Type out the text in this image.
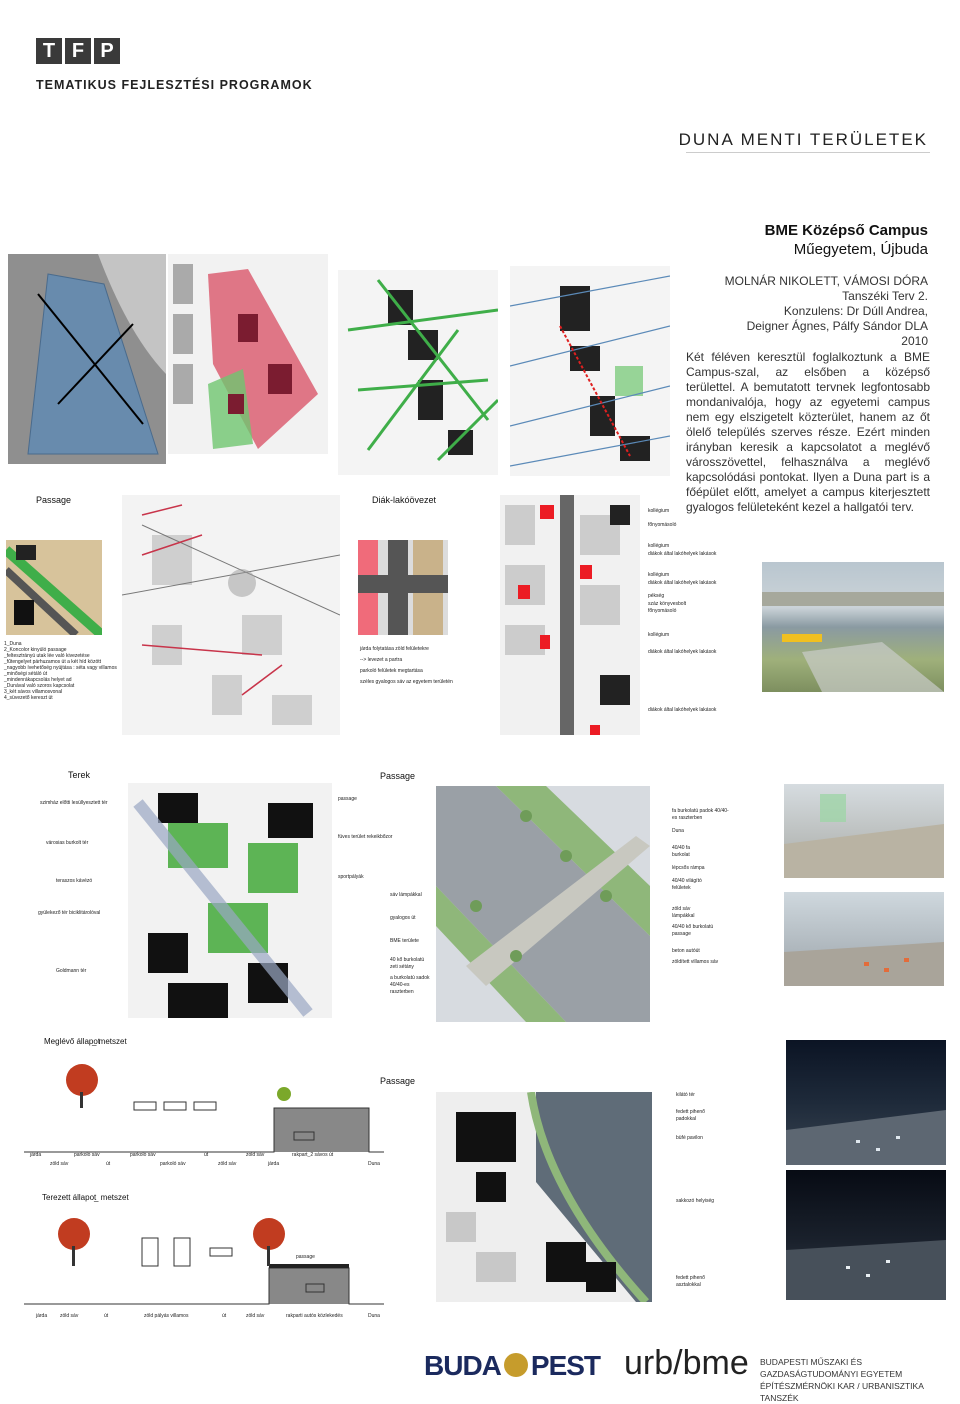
T F P
TEMATIKUS FEJLESZTÉSI PROGRAMOK
DUNA MENTI TERÜLETEK
BME Középső Campus
Műegyetem, Újbuda
MOLNÁR NIKOLETT, VÁMOSI DÓRA
Tanszéki Terv 2.
Konzulens: Dr Dúll Andrea,
Deigner Ágnes, Pálfy Sándor DLA
2010
Két féléven keresztül foglalkoztunk a BME Campus-szal, az elsőben a középső területtel. A bemutatott tervnek legfontosabb mondanivalója, hogy az egyetemi campus nem egy elszigetelt közterület, hanem az őt ölelő település szerves része. Ezért minden irányban keresik a kapcsolatot a meglévő városszövettel, felhasználva a meglévő kapcsolódási pontokat. Ilyen a Duna part is a főépület előtt, amelyet a campus kiterjesztett gyalogos felületeként kezel a hallgatói terv.
Passage	Diák-lakóövezet
1_Duna
2_Koncolor kinyúló passage
_feltesztrányú utak lée való kivezetése
_fűtengelyet párhuzamos út a két híd között
_nagyobb ívehetőség nyújtása : séta vagy villamos
_minőségi sétáló út
_mindenrákapcsolás helyet ad
_Dunával való szoros kapcsolat
3_két sávos villamosvonal
4_süvezető kereszt út
járda folytatása zöld felületekre
--> levezet a partra
parkoló felületek megtartása
széles gyalogos sáv az egyetem területén
kollégium
főnyomásoló
kollégium
diákok által lakóhelyek lakások
kollégium
diákok által lakóhelyek lakások
pékség
száz könyvesbolt
főnyomásoló
kollégium
diákok által lakóhelyek lakások
diákok által lakóhelyek lakások
Terek	Passage
szimház előtti lesüllyesztett tér
városias burkolt tér
teraszos kávézó
gyülekező tér biciklitárolóval
Goldmann tér
passage
füves terület rekeikbőzor
sportpályák
sáv lámpákkal
gyalogos út
BME területe
40 kő burkolatú zeti sétány
a burkolatú sadok 40/40-es raszterben
fa burkolatú padok 40/40-es raszterben
Duna
40/40 fa burkolat
lépcsős rámpa
40/40 világító felületek
zöld sáv lámpákkal
40/40 kő burkolatú passage
beton autóút
zöldített villamos sáv
Meglévő állapot
_ metszet
járda	parkoló sáv	parkoló sáv	út	zöld sáv	rakpart_2 sávos út
zöld sáv	út	parkoló sáv	zöld sáv	járda	Duna
Terezett állapot
_ metszet
passage
járda	zöld sáv	út	zöld pályás villamos	út	zöld sáv	rakparti autós közlekedés	Duna
Passage
kilátó tér
fedett pihenő padokkal
büfé pavilon
sakkozó helyiség
fedett pihenő asztalokkal
BUDA PEST urb/bme BUDAPESTI MŰSZAKI ÉS GAZDASÁGTUDOMÁNYI EGYETEM
ÉPÍTÉSZMÉRNÖKI KAR / URBANISZTIKA TANSZÉK
